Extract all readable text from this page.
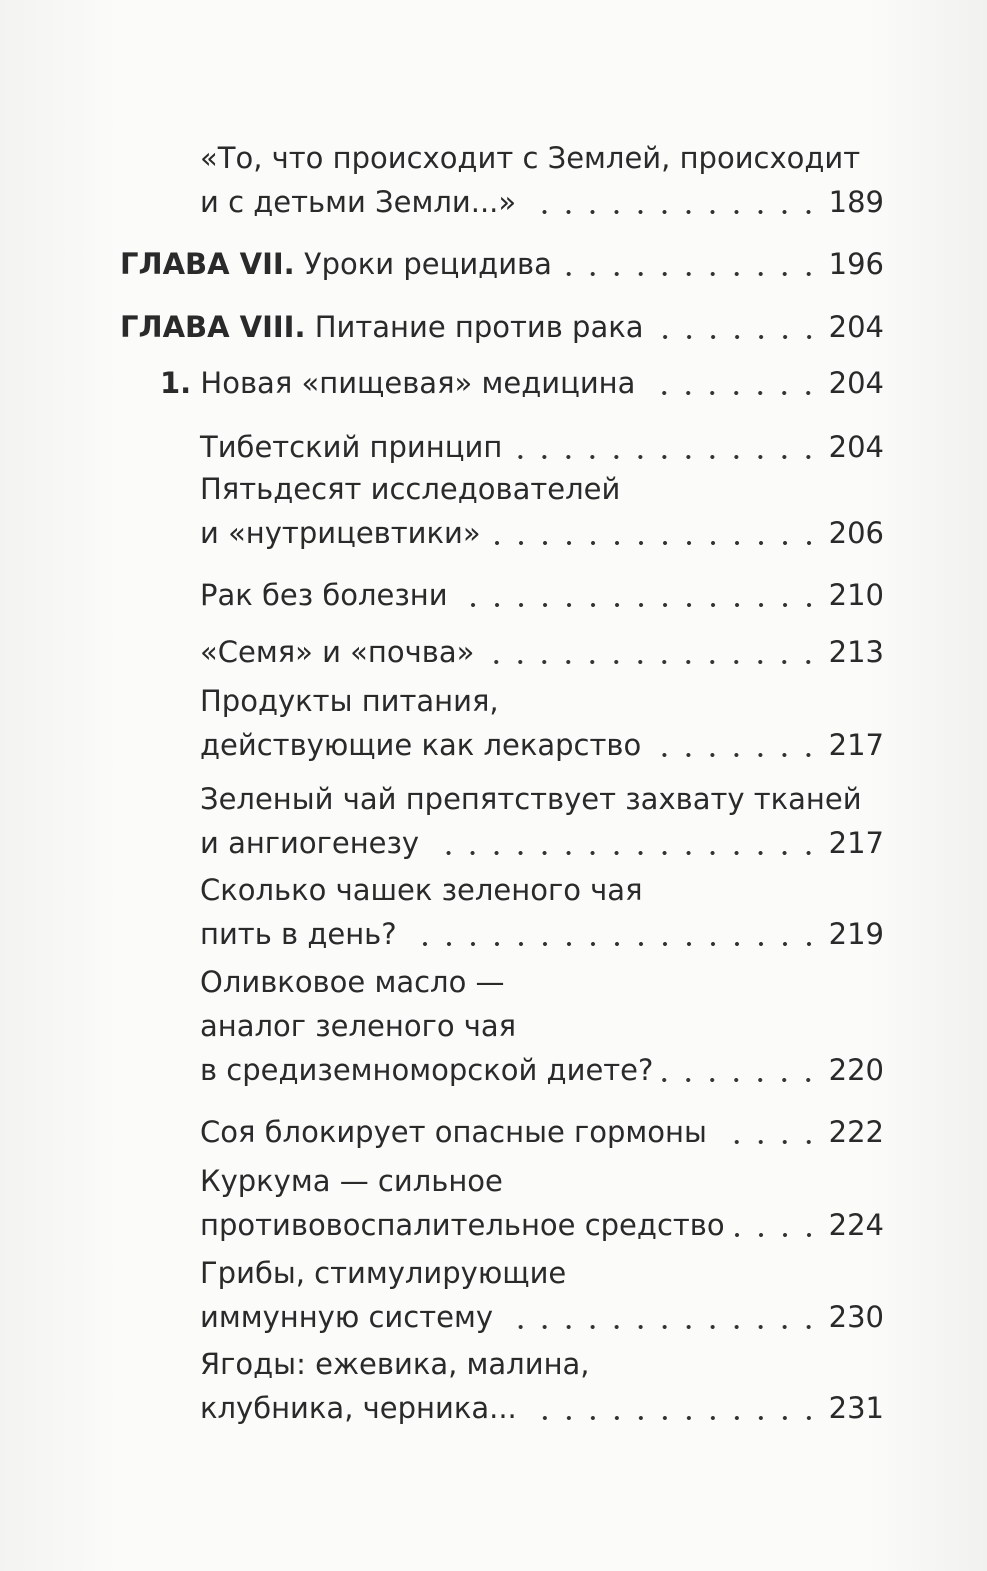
«То, что происходит с Землей, происходит
и с детьми Земли...»	189
ГЛАВА VII. Уроки рецидива	196
ГЛАВА VIII. Питание против рака	204
1. Новая «пищевая» медицина	204
Тибетский принцип	204
Пятьдесят исследователей
и «нутрицевтики»	206
Рак без болезни	210
«Семя» и «почва»	213
Продукты питания,
действующие как лекарство	217
Зеленый чай препятствует захвату тканей
и ангиогенезу	217
Сколько чашек зеленого чая
пить в день?	219
Оливковое масло —
аналог зеленого чая
в средиземноморской диете?	220
Соя блокирует опасные гормоны	222
Куркума — сильное
противовоспалительное средство	224
Грибы, стимулирующие
иммунную систему	230
Ягоды: ежевика, малина,
клубника, черника...	231
